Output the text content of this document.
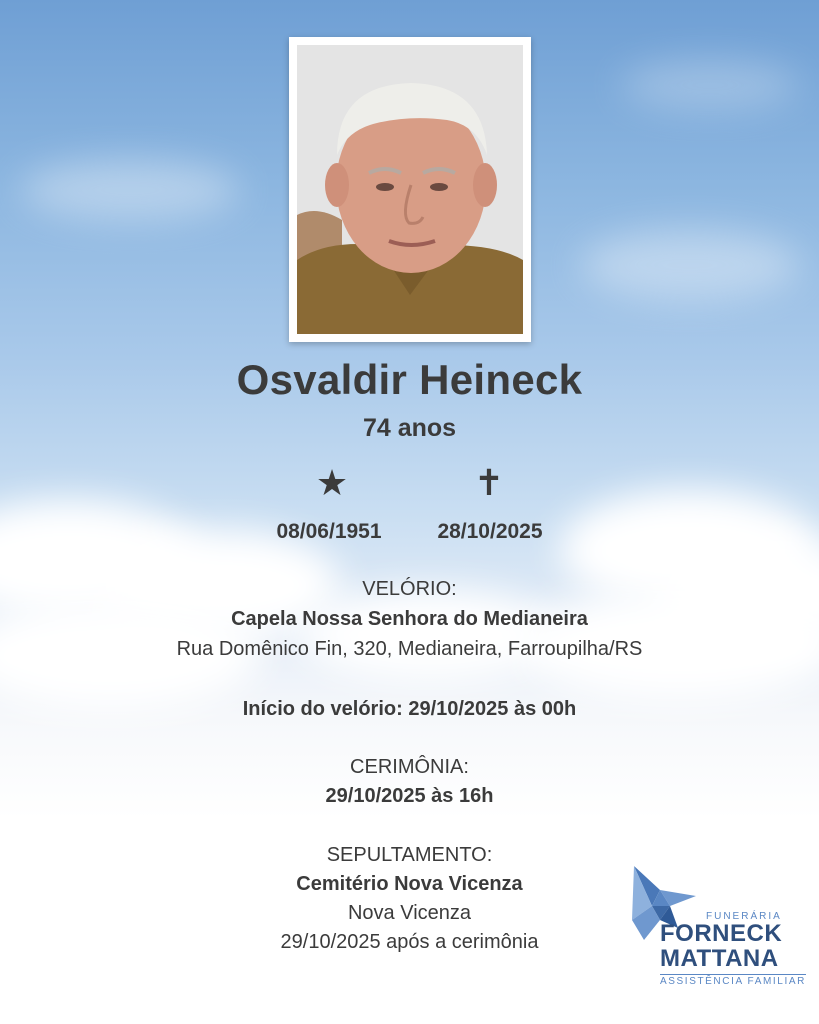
Osvaldir Heineck
74 anos
★	✝
08/06/1951	28/10/2025
VELÓRIO:
Capela Nossa Senhora do Medianeira
Rua Domênico Fin, 320, Medianeira, Farroupilha/RS
Início do velório: 29/10/2025 às 00h
CERIMÔNIA:
29/10/2025 às 16h
SEPULTAMENTO:
Cemitério Nova Vicenza
Nova Vicenza
29/10/2025 após a cerimônia
FUNERÁRIA
FORNECK
MATTANA
ASSISTÊNCIA FAMILIAR
